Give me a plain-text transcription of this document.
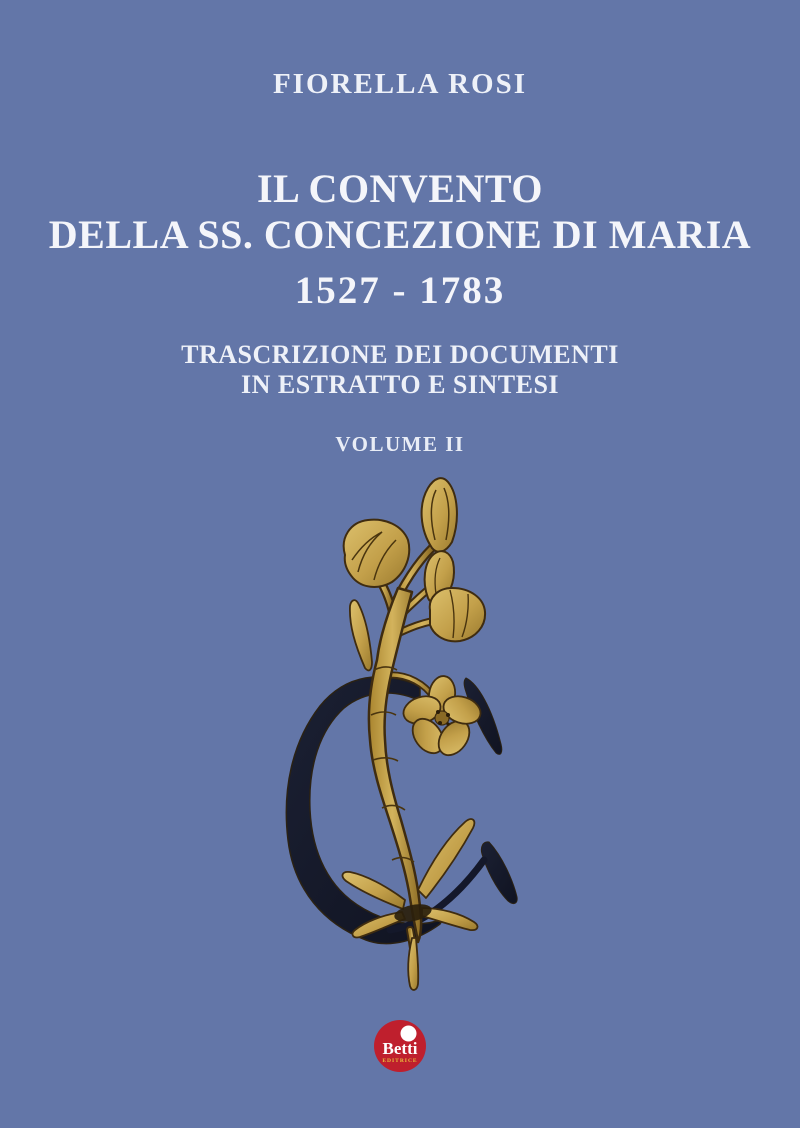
FIORELLA ROSI
IL CONVENTO
DELLA SS. CONCEZIONE DI MARIA
1527 - 1783
TRASCRIZIONE DEI DOCUMENTI
IN ESTRATTO E SINTESI
VOLUME II
Betti
EDITRICE
